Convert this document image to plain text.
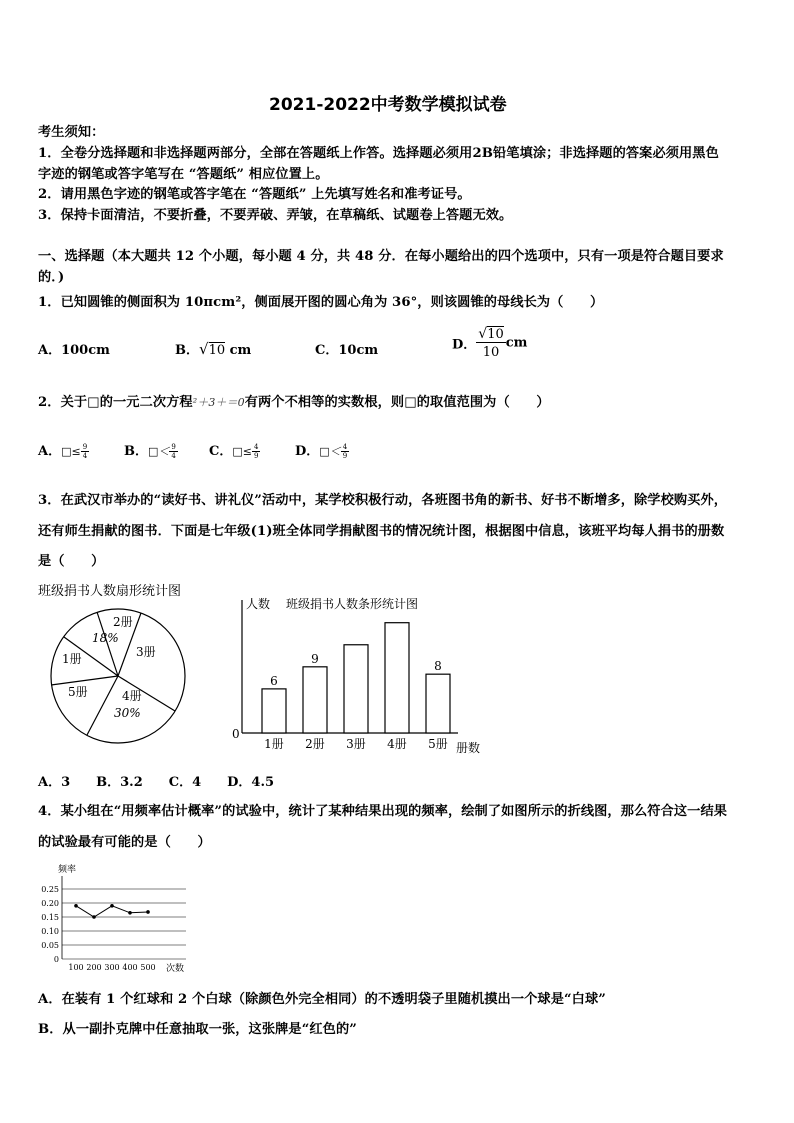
2021-2022中考数学模拟试卷
考生须知：
1．全卷分选择题和非选择题两部分，全部在答题纸上作答。选择题必须用2B铅笔填涂；非选择题的答案必须用黑色
字迹的钢笔或答字笔写在 “答题纸” 相应位置上。
2．请用黑色字迹的钢笔或答字笔在 “答题纸” 上先填写姓名和准考证号。
3．保持卡面清洁，不要折叠，不要弄破、弄皱，在草稿纸、试题卷上答题无效。
一、选择题（本大题共 12 个小题，每小题 4 分，共 48 分．在每小题给出的四个选项中，只有一项是符合题目要求
的．)
1．已知圆锥的侧面积为 10πcm²，侧面展开图的圆心角为 36°，则该圆锥的母线长为（　　）
A．100cm	B．√10 cm	C．10cm	D． $\frac{√10}{10}$ cm
2．关于□的一元二次方程²＋3＋＝0有两个不相等的实数根，则□的取值范围为（　　）
A．□≤ $\frac{9}{4}$	B．□＜ $\frac{9}{4}$ C．□≤ $\frac{4}{9}$	D．□＜ $\frac{4}{9}$
3．在武汉市举办的“读好书、讲礼仪”活动中，某学校积极行动，各班图书角的新书、好书不断增多，除学校购买外，
还有师生捐献的图书．下面是七年级(1)班全体同学捐献图书的情况统计图，根据图中信息，该班平均每人捐书的册数
是（　　）
班级捐书人数扇形统计图
2册
18%
3册
1册
5册	4册
30%
人数 班级捐书人数条形统计图
0
册数
6
1册
9
2册 3册 4册
8
5册
A．3　　B．3.2　　C．4　　D．4.5
4．某小组在“用频率估计概率”的试验中，统计了某种结果出现的频率，绘制了如图所示的折线图，那么符合这一结果
的试验最有可能的是（　　）
0.25
0.20
0.15
0.10
0.05
0
100 200 300 400 500
频率
次数
A．在装有 1 个红球和 2 个白球（除颜色外完全相同）的不透明袋子里随机摸出一个球是“白球”
B．从一副扑克牌中任意抽取一张，这张牌是“红色的”
